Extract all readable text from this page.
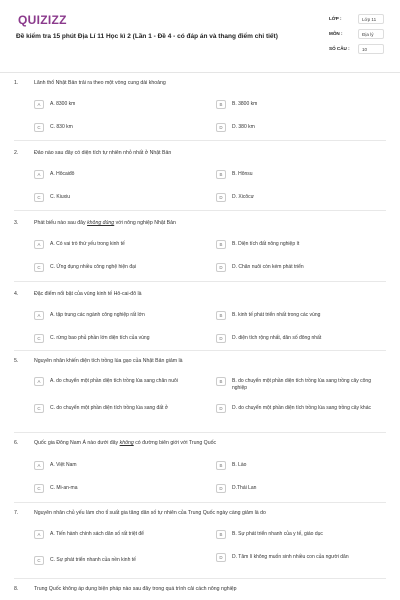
QUIZIZZ
Đề kiểm tra 15 phút Địa Lí 11 Học kì 2 (Lần 1 - Đề 4 - có đáp án và thang điểm chi tiết)
LỚP :	Lớp 11
MÔN :	Địa lý
SỐ CÂU :	10
1.	Lãnh thổ Nhật Bản trải ra theo một vòng cung dài khoảng
A	A. 8300 km	B	B. 3800 km
C	C. 830 km	D	D. 380 km
2.	Đảo nào sau đây có diện tích tự nhiên nhỏ nhất ở Nhật Bản
A	A. Hôcaiđô	B	B. Hônsu
C	C. Kiuxiu	D	D. Xicôcư
3.	Phát biểu nào sau đây không đúng với nông nghiệp Nhật Bản
A	A. Có vai trò thứ yếu trong kinh tế	B	B. Diện tích đất nông nghiệp ít
C	C. Ứng dụng nhiều công nghệ hiện đại	D	D. Chăn nuôi còn kém phát triển
4.	Đặc điểm nổi bật của vùng kinh tế Hô-cai-đô là
A	A. tập trung các ngành công nghiệp rất lớn	B	B. kinh tế phát triển nhất trong các vùng
C	C. rừng bao phủ phần lớn diện tích của vùng	D	D. diện tích rộng nhất, dân số đông nhất
5.	Nguyên nhân khiến diện tích trồng lúa gạo của Nhật Bản giảm là
A	A. do chuyển một phần diện tích trồng lúa sang chăn nuôi	B	B. do chuyển một phần diện tích trồng lúa sang trồng cây công nghiệp
C	C. do chuyển một phần diện tích trồng lúa sang đất ở	D	D. do chuyển một phần diện tích trồng lúa sang trồng cây khác
6.	Quốc gia Đông Nam Á nào dưới đây không có đường biên giới với Trung Quốc
A	A. Việt Nam	B	B. Lào
C	C. Mi-an-ma	D	D.Thái Lan
7.	Nguyên nhân chủ yếu làm cho tỉ suất gia tăng dân số tự nhiên của Trung Quốc ngày càng giảm là do
A	A. Tiến hành chính sách dân số rất triệt để	B	B. Sự phát triển nhanh của y tế, giáo dục
C	C. Sự phát triển nhanh của nền kinh tế	D	D. Tâm lí không muốn sinh nhiều con của người dân
8.	Trung Quốc không áp dụng biện pháp nào sau đây trong quá trình cải cách nông nghiệp
